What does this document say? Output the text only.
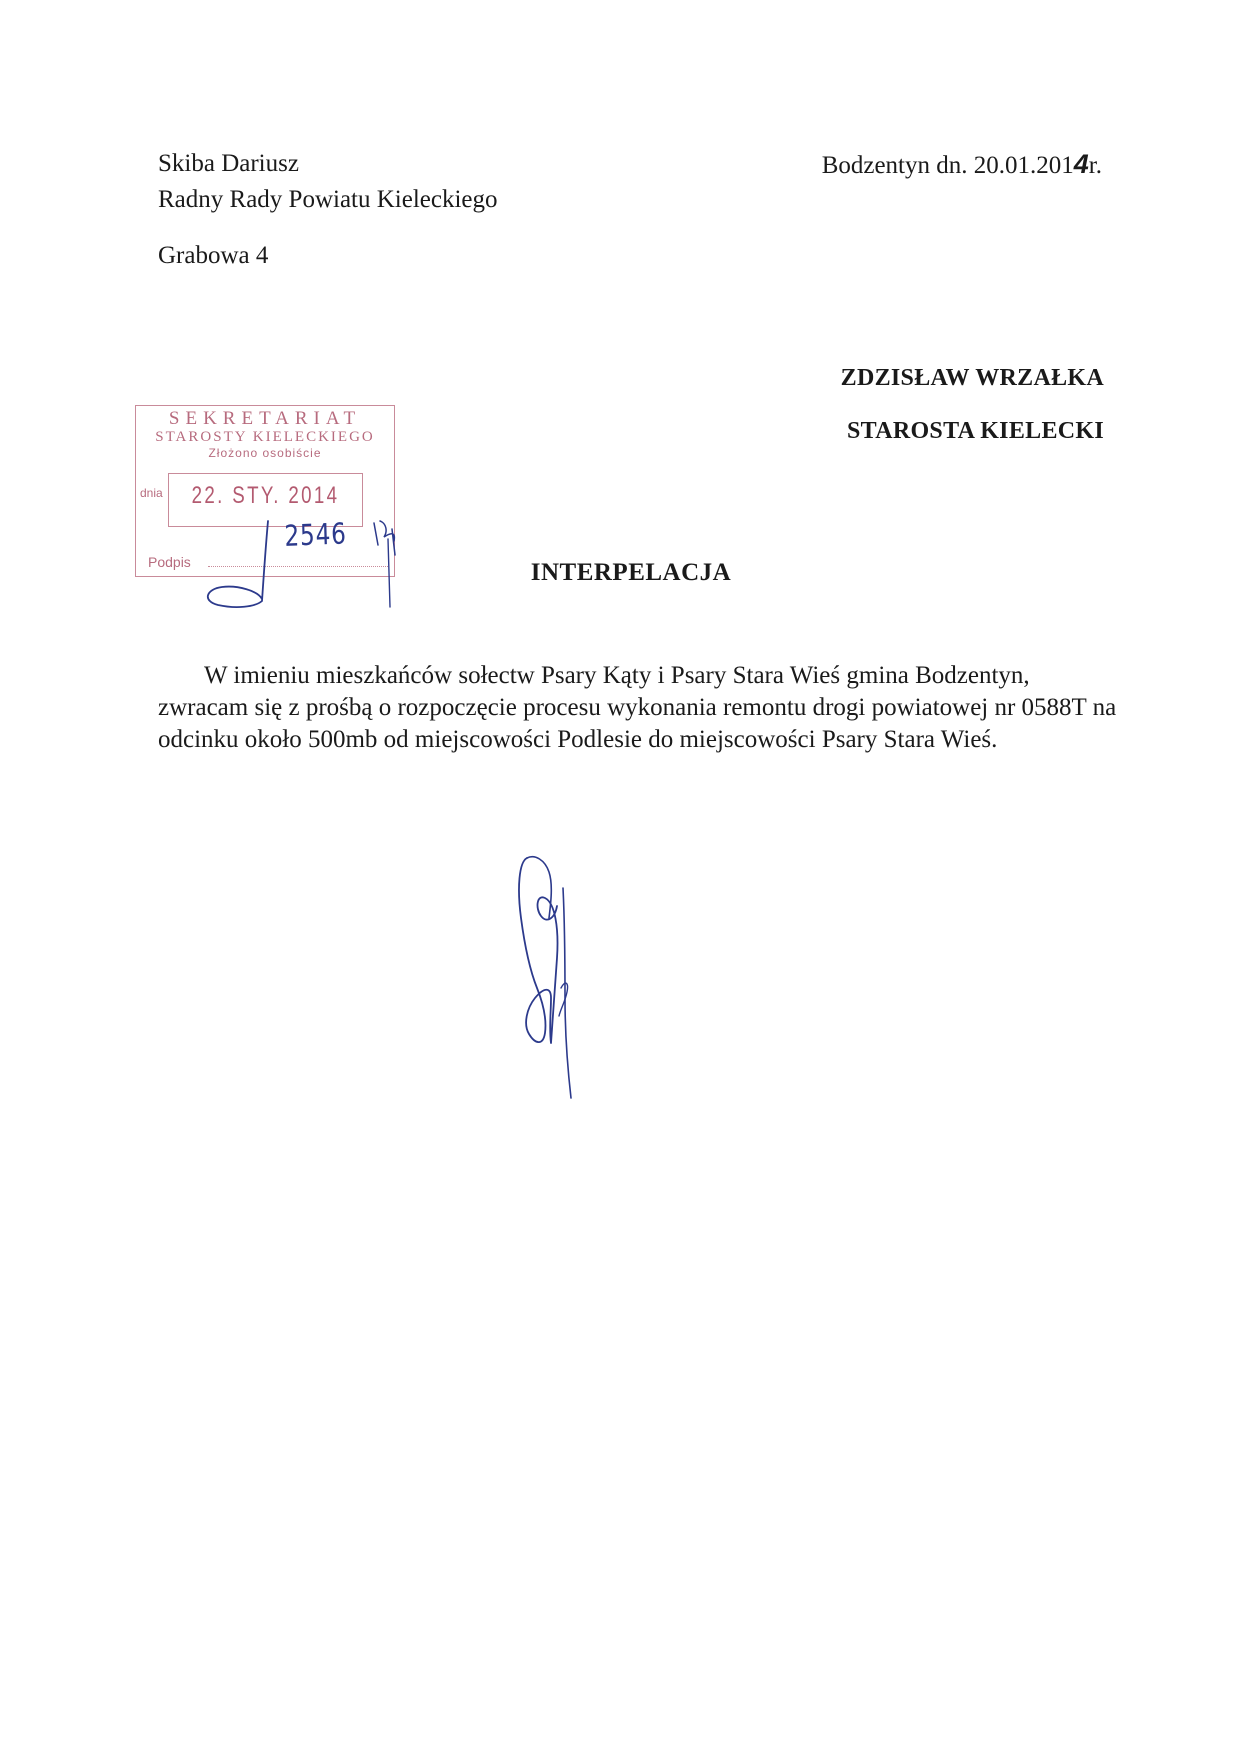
Skiba Dariusz
Radny Rady Powiatu Kieleckiego
Grabowa 4
Bodzentyn dn. 20.01.2014r.
ZDZISŁAW WRZAŁKA
STAROSTA KIELECKI
SEKRETARIAT
STAROSTY KIELECKIEGO
Złożono osobiście
dnia 22. STY. 2014
Podpis
2546
INTERPELACJA
W imieniu mieszkańców sołectw Psary Kąty i Psary Stara Wieś gmina Bodzentyn, zwracam się z prośbą o rozpoczęcie procesu wykonania remontu drogi powiatowej nr 0588T na odcinku około 500mb od miejscowości Podlesie do miejscowości Psary Stara Wieś.
